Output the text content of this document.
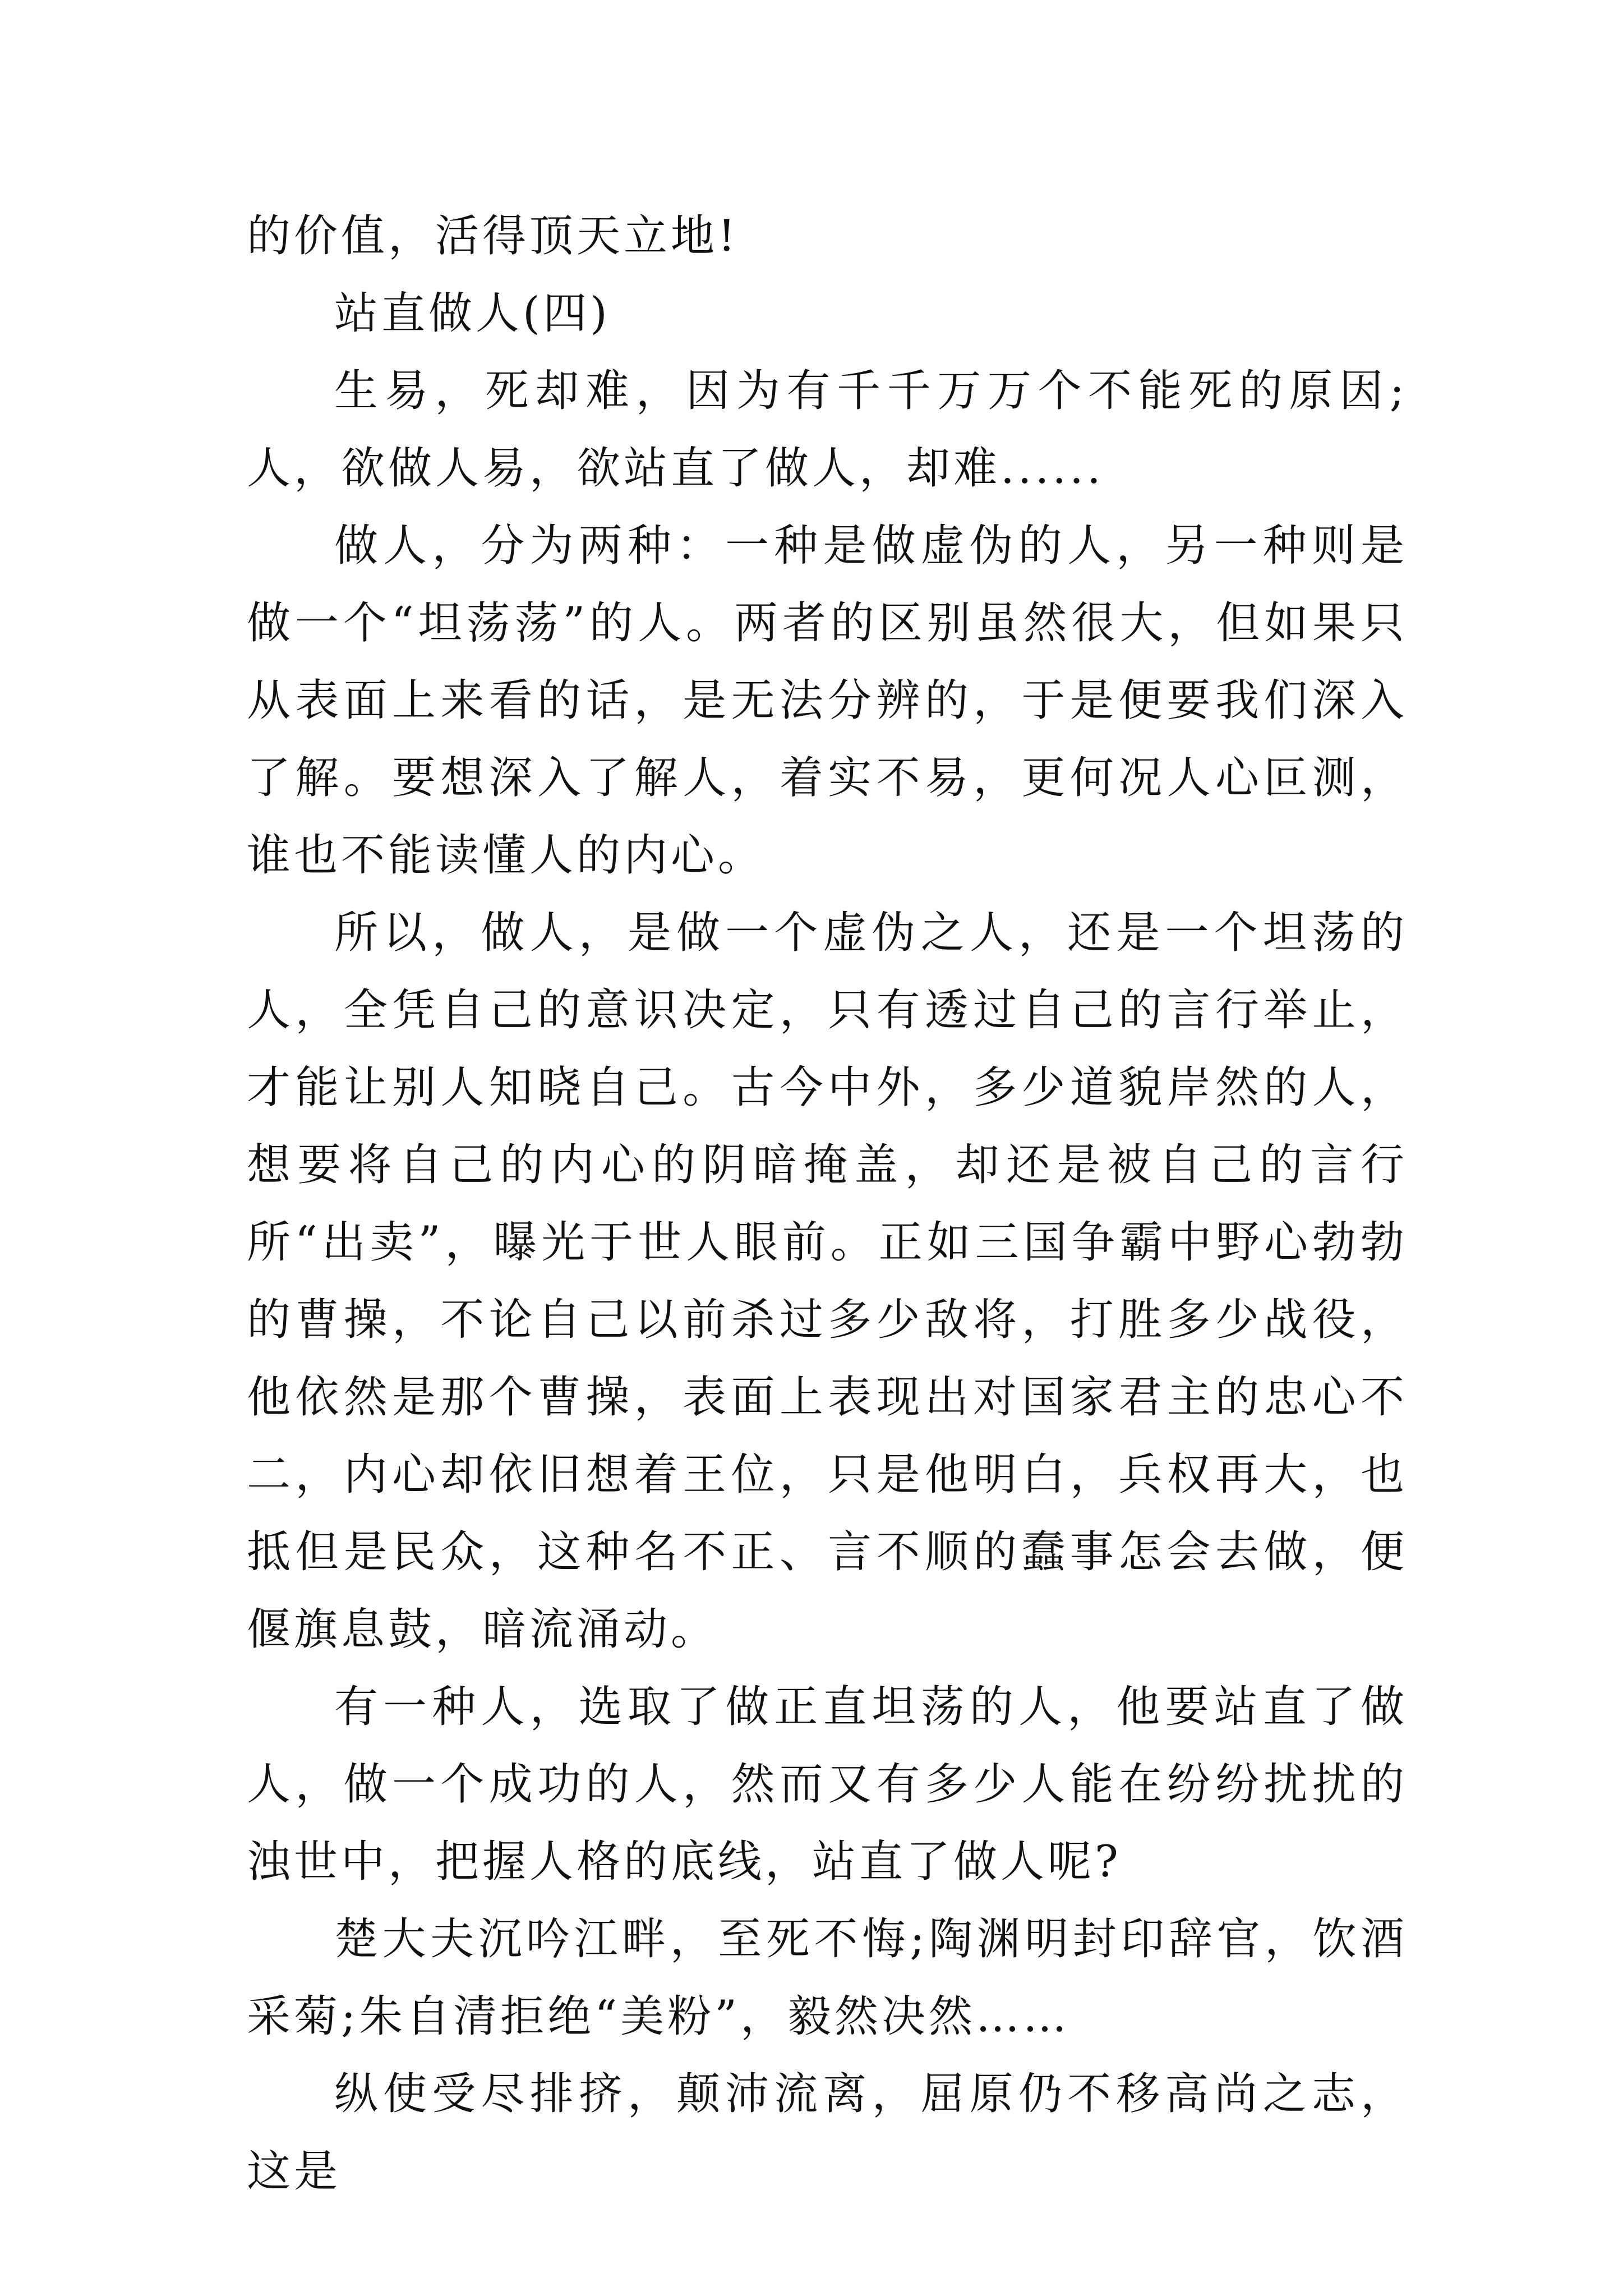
的价值，活得顶天立地!

站直做人(四)

生易，死却难，因为有千千万万个不能死的原因;人，欲做人易，欲站直了做人，却难......

做人，分为两种：一种是做虚伪的人，另一种则是做一个“坦荡荡”的人。两者的区别虽然很大，但如果只从表面上来看的话，是无法分辨的，于是便要我们深入了解。要想深入了解人，着实不易，更何况人心叵测，谁也不能读懂人的内心。

所以，做人，是做一个虚伪之人，还是一个坦荡的人，全凭自己的意识决定，只有透过自己的言行举止，才能让别人知晓自己。古今中外，多少道貌岸然的人，想要将自己的内心的阴暗掩盖，却还是被自己的言行所“出卖”，曝光于世人眼前。正如三国争霸中野心勃勃的曹操，不论自己以前杀过多少敌将，打胜多少战役，他依然是那个曹操，表面上表现出对国家君主的忠心不二，内心却依旧想着王位，只是他明白，兵权再大，也抵但是民众，这种名不正、言不顺的蠢事怎会去做，便偃旗息鼓，暗流涌动。

有一种人，选取了做正直坦荡的人，他要站直了做人，做一个成功的人，然而又有多少人能在纷纷扰扰的浊世中，把握人格的底线，站直了做人呢?

楚大夫沉吟江畔，至死不悔;陶渊明封印辞官，饮酒采菊;朱自清拒绝“美粉”，毅然决然……

纵使受尽排挤，颠沛流离，屈原仍不移高尚之志，这是
